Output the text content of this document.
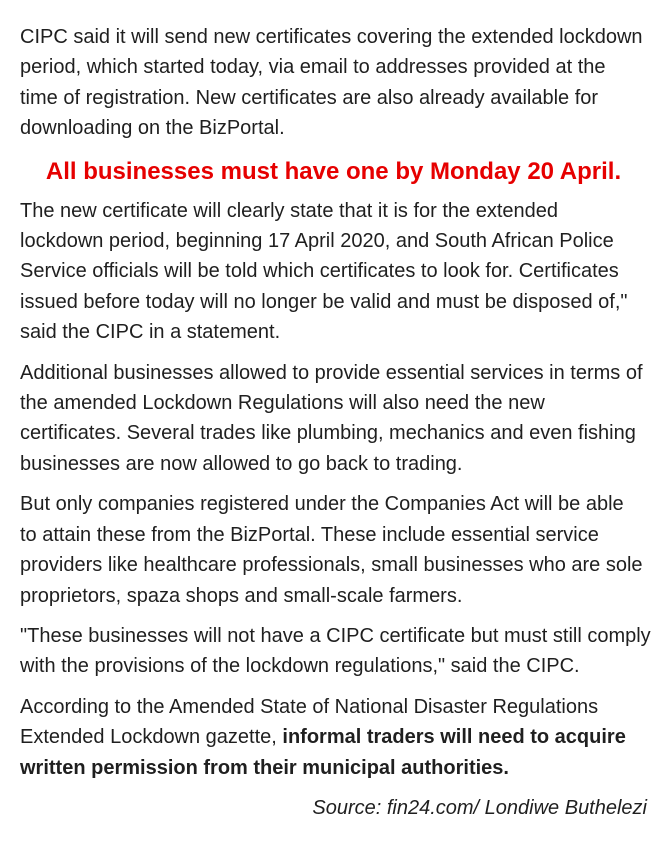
CIPC said it will send new certificates covering the extended lockdown
period, which started today, via email to addresses provided at the
time of registration. New certificates are also already available for
downloading on the BizPortal.
All businesses must have one by Monday 20 April.
The new certificate will clearly state that it is for the extended
lockdown period, beginning 17 April 2020, and South African Police
Service officials will be told which certificates to look for. Certificates
issued before today will no longer be valid and must be disposed of,"
said the CIPC in a statement.
Additional businesses allowed to provide essential services in terms of
the amended Lockdown Regulations will also need the new
certificates. Several trades like plumbing, mechanics and even fishing
businesses are now allowed to go back to trading.
But only companies registered under the Companies Act will be able
to attain these from the BizPortal. These include essential service
providers like healthcare professionals, small businesses who are sole
proprietors, spaza shops and small-scale farmers.
"These businesses will not have a CIPC certificate but must still comply
with the provisions of the lockdown regulations," said the CIPC.
According to the Amended State of National Disaster Regulations
Extended Lockdown gazette, informal traders will need to acquire
written permission from their municipal authorities.
Source: fin24.com/ Londiwe Buthelezi
